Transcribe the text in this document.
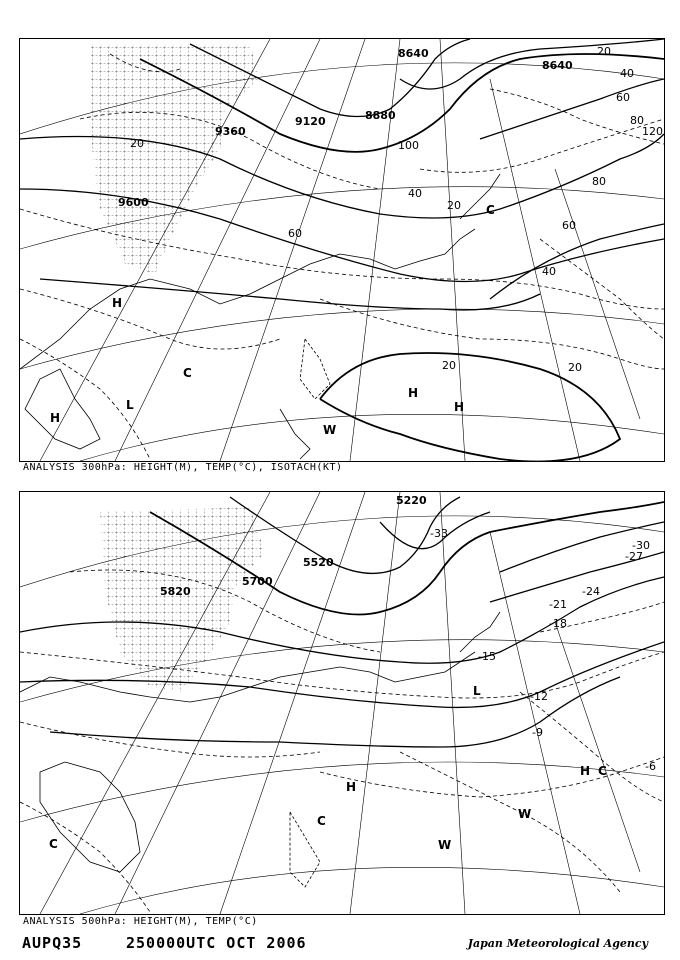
8640
9120
9360
9600
8880
8640
20
40
60
80
100
120
20
40
60
80
20
40
60
20	20
H
H
H
H
L
C
C
W
ANALYSIS 300hPa: HEIGHT(M), TEMP(°C), ISOTACH(KT)
5220
5520
5700
5820
-33
-30
-27
-24
-21
-18
-15
-12
-9
-6
H
H C
C	W
W
L
C
ANALYSIS 500hPa: HEIGHT(M), TEMP(°C)
AUPQ35	250000UTC OCT 2006	Japan Meteorological Agency
